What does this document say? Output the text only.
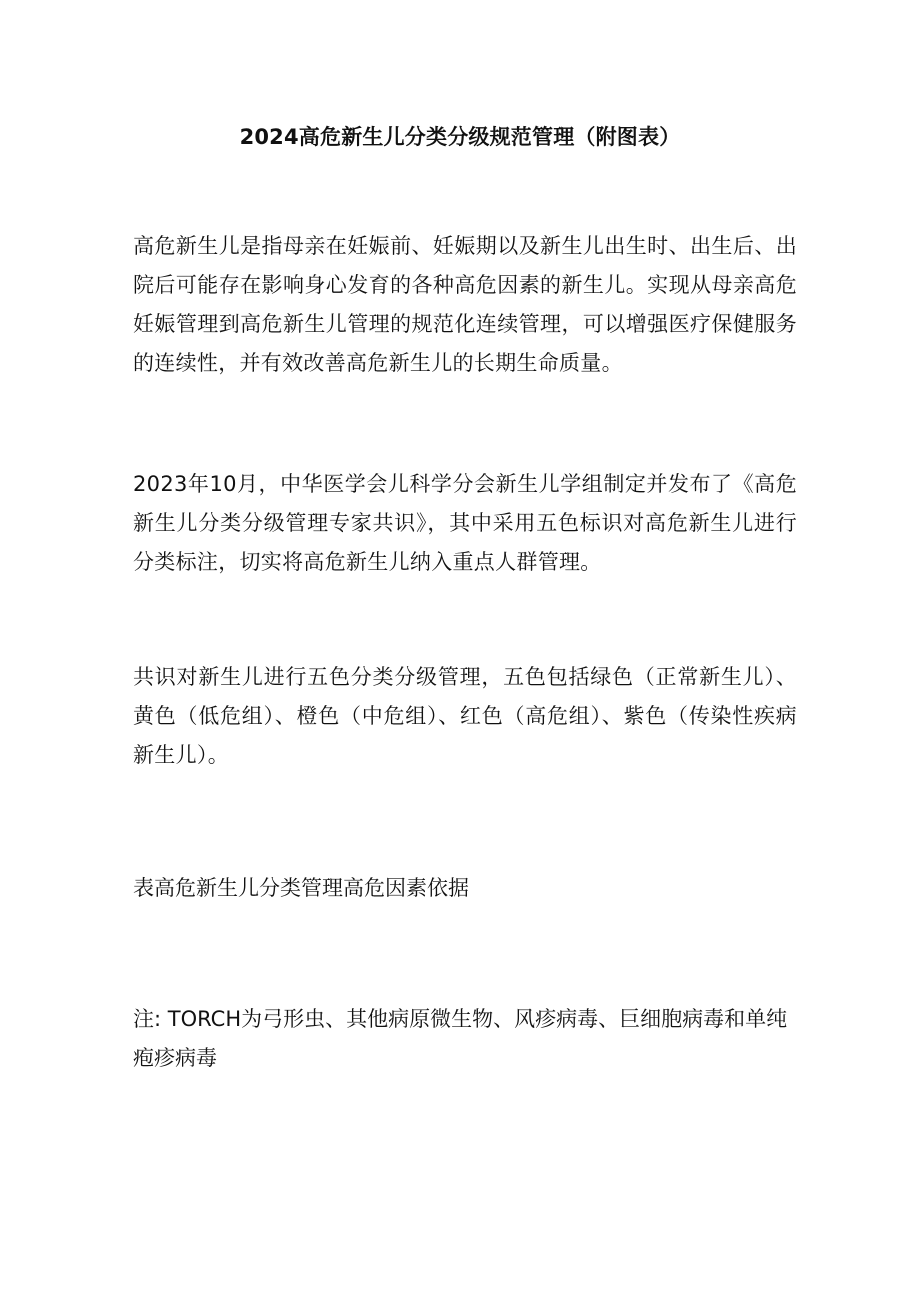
2024高危新生儿分类分级规范管理（附图表）

高危新生儿是指母亲在妊娠前、妊娠期以及新生儿出生时、出生后、出院后可能存在影响身心发育的各种高危因素的新生儿。实现从母亲高危妊娠管理到高危新生儿管理的规范化连续管理，可以增强医疗保健服务的连续性，并有效改善高危新生儿的长期生命质量。

2023年10月，中华医学会儿科学分会新生儿学组制定并发布了《高危新生儿分类分级管理专家共识》，其中采用五色标识对高危新生儿进行分类标注，切实将高危新生儿纳入重点人群管理。

共识对新生儿进行五色分类分级管理，五色包括绿色（正常新生儿）、黄色（低危组）、橙色（中危组）、红色（高危组）、紫色（传染性疾病新生儿）。

表高危新生儿分类管理高危因素依据

注: TORCH为弓形虫、其他病原微生物、风疹病毒、巨细胞病毒和单纯疱疹病毒
